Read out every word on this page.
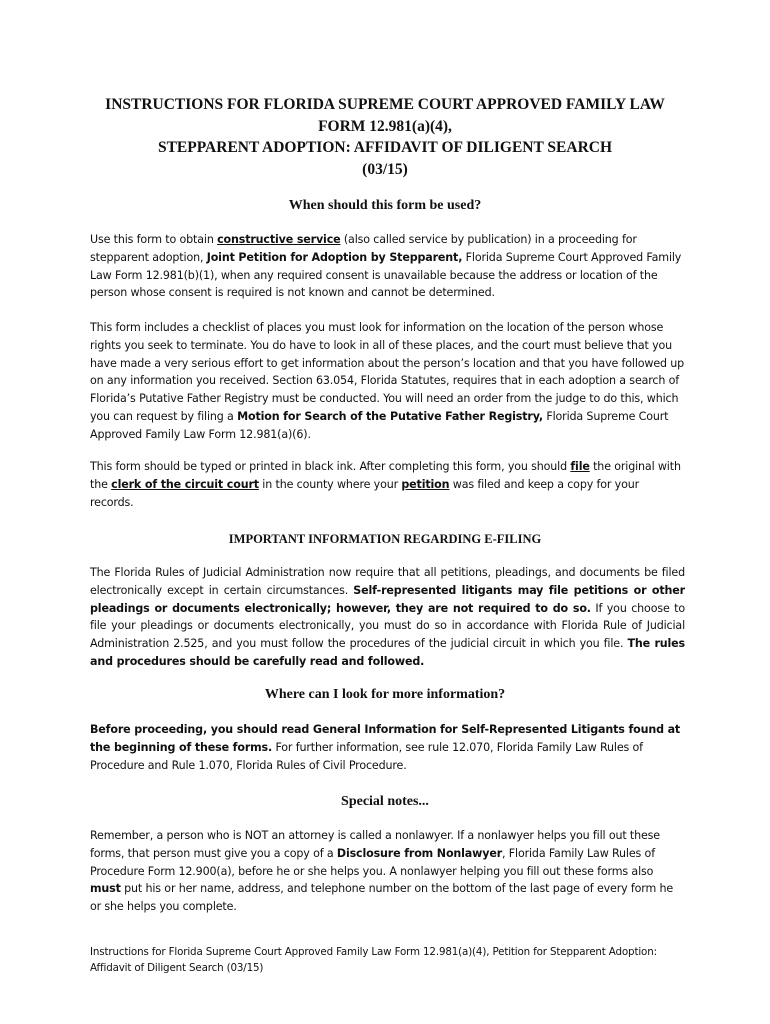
INSTRUCTIONS FOR FLORIDA SUPREME COURT APPROVED FAMILY LAW
FORM 12.981(a)(4),
STEPPARENT ADOPTION: AFFIDAVIT OF DILIGENT SEARCH
(03/15)
When should this form be used?

Use this form to obtain constructive service (also called service by publication) in a proceeding for stepparent adoption, Joint Petition for Adoption by Stepparent, Florida Supreme Court Approved Family Law Form 12.981(b)(1), when any required consent is unavailable because the address or location of the person whose consent is required is not known and cannot be determined.

This form includes a checklist of places you must look for information on the location of the person whose rights you seek to terminate. You do have to look in all of these places, and the court must believe that you have made a very serious effort to get information about the person’s location and that you have followed up on any information you received. Section 63.054, Florida Statutes, requires that in each adoption a search of Florida’s Putative Father Registry must be conducted. You will need an order from the judge to do this, which you can request by filing a Motion for Search of the Putative Father Registry, Florida Supreme Court Approved Family Law Form 12.981(a)(6).

This form should be typed or printed in black ink. After completing this form, you should file the original with the clerk of the circuit court in the county where your petition was filed and keep a copy for your records.

IMPORTANT INFORMATION REGARDING E-FILING

The Florida Rules of Judicial Administration now require that all petitions, pleadings, and documents be filed electronically except in certain circumstances. Self-represented litigants may file petitions or other pleadings or documents electronically; however, they are not required to do so. If you choose to file your pleadings or documents electronically, you must do so in accordance with Florida Rule of Judicial Administration 2.525, and you must follow the procedures of the judicial circuit in which you file. The rules and procedures should be carefully read and followed.

Where can I look for more information?

Before proceeding, you should read General Information for Self-Represented Litigants found at the beginning of these forms. For further information, see rule 12.070, Florida Family Law Rules of Procedure and Rule 1.070, Florida Rules of Civil Procedure.

Special notes...

Remember, a person who is NOT an attorney is called a nonlawyer. If a nonlawyer helps you fill out these forms, that person must give you a copy of a Disclosure from Nonlawyer, Florida Family Law Rules of Procedure Form 12.900(a), before he or she helps you. A nonlawyer helping you fill out these forms also must put his or her name, address, and telephone number on the bottom of the last page of every form he or she helps you complete.

Instructions for Florida Supreme Court Approved Family Law Form 12.981(a)(4), Petition for Stepparent Adoption:
Affidavit of Diligent Search (03/15)
